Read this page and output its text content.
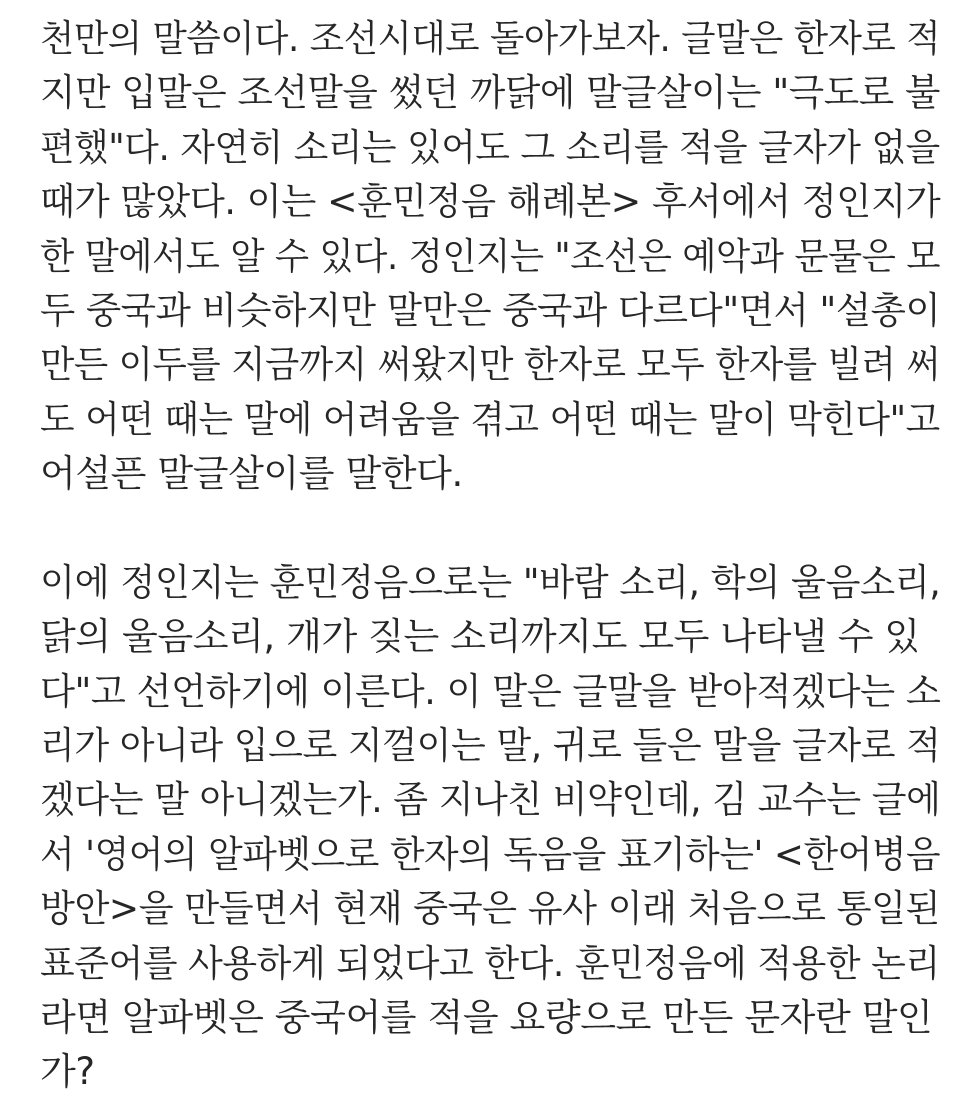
천만의 말씀이다. 조선시대로 돌아가보자. 글말은 한자로 적
지만 입말은 조선말을 썼던 까닭에 말글살이는 "극도로 불
편했"다. 자연히 소리는 있어도 그 소리를 적을 글자가 없을
때가 많았다. 이는 <훈민정음 해례본> 후서에서 정인지가
한 말에서도 알 수 있다. 정인지는 "조선은 예악과 문물은 모
두 중국과 비슷하지만 말만은 중국과 다르다"면서 "설총이
만든 이두를 지금까지 써왔지만 한자로 모두 한자를 빌려 써
도 어떤 때는 말에 어려움을 겪고 어떤 때는 말이 막힌다"고
어설픈 말글살이를 말한다.
이에 정인지는 훈민정음으로는 "바람 소리, 학의 울음소리,
닭의 울음소리, 개가 짖는 소리까지도 모두 나타낼 수 있
다"고 선언하기에 이른다. 이 말은 글말을 받아적겠다는 소
리가 아니라 입으로 지껄이는 말, 귀로 들은 말을 글자로 적
겠다는 말 아니겠는가. 좀 지나친 비약인데, 김 교수는 글에
서 '영어의 알파벳으로 한자의 독음을 표기하는' <한어병음
방안>을 만들면서 현재 중국은 유사 이래 처음으로 통일된
표준어를 사용하게 되었다고 한다. 훈민정음에 적용한 논리
라면 알파벳은 중국어를 적을 요량으로 만든 문자란 말인
가?
